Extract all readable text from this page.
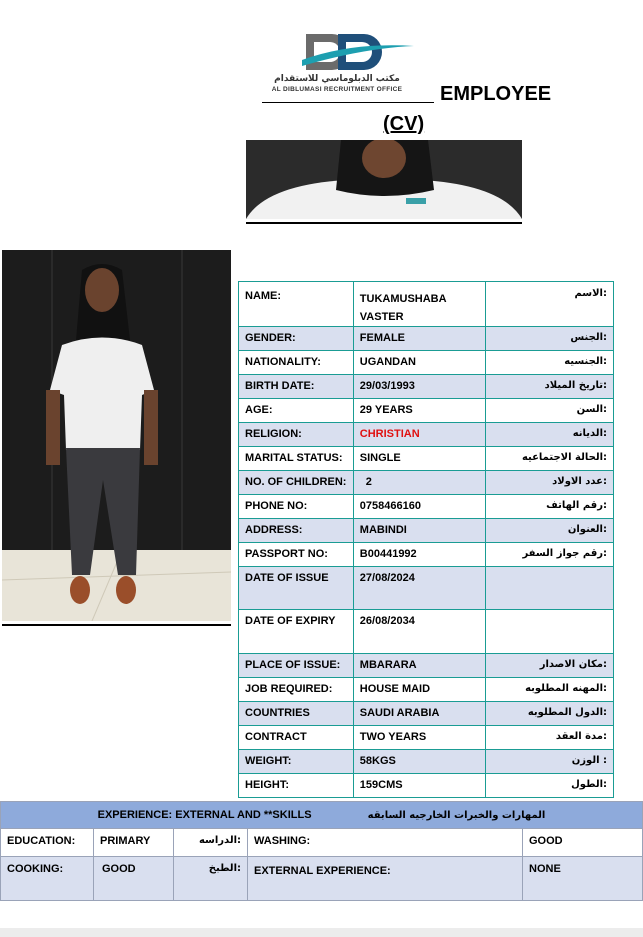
مكتب الدبلوماسي للاستقدام
AL DIBLUMASI RECRUITMENT OFFICE	EMPLOYEE
(CV)
NAME:	TUKAMUSHABA VASTER	الاسم:
GENDER:	FEMALE	الجنس:
NATIONALITY:	UGANDAN	الجنسيه:
BIRTH DATE:	29/03/1993	تاريخ الميلاد:
AGE:	29 YEARS	السن:
RELIGION:	CHRISTIAN	الديانه:
MARITAL STATUS:	SINGLE	الحالة الاجتماعيه:
NO. OF CHILDREN:	2	عدد الاولاد:
PHONE NO:	0758466160	رقم الهاتف:
ADDRESS:	MABINDI	العنوان:
PASSPORT NO:	B00441992	رقم جواز السفر:
DATE OF ISSUE	27/08/2024	
DATE OF EXPIRY	26/08/2034	
PLACE OF ISSUE:	MBARARA	مكان الاصدار:
JOB REQUIRED:	HOUSE MAID	المهنه المطلوبه:
COUNTRIES	SAUDI ARABIA	الدول المطلوبه:
CONTRACT	TWO YEARS	مدة العقد:
WEIGHT:	58KGS	الوزن :
HEIGHT:	159CMS	الطول:
EXPERIENCE: EXTERNAL AND **SKILLS المهارات والخبرات الخارجيه السابقه				
EDUCATION:	PRIMARY	الدراسه:	WASHING:	GOOD
COOKING:	GOOD	الطبخ:	EXTERNAL EXPERIENCE:	NONE
